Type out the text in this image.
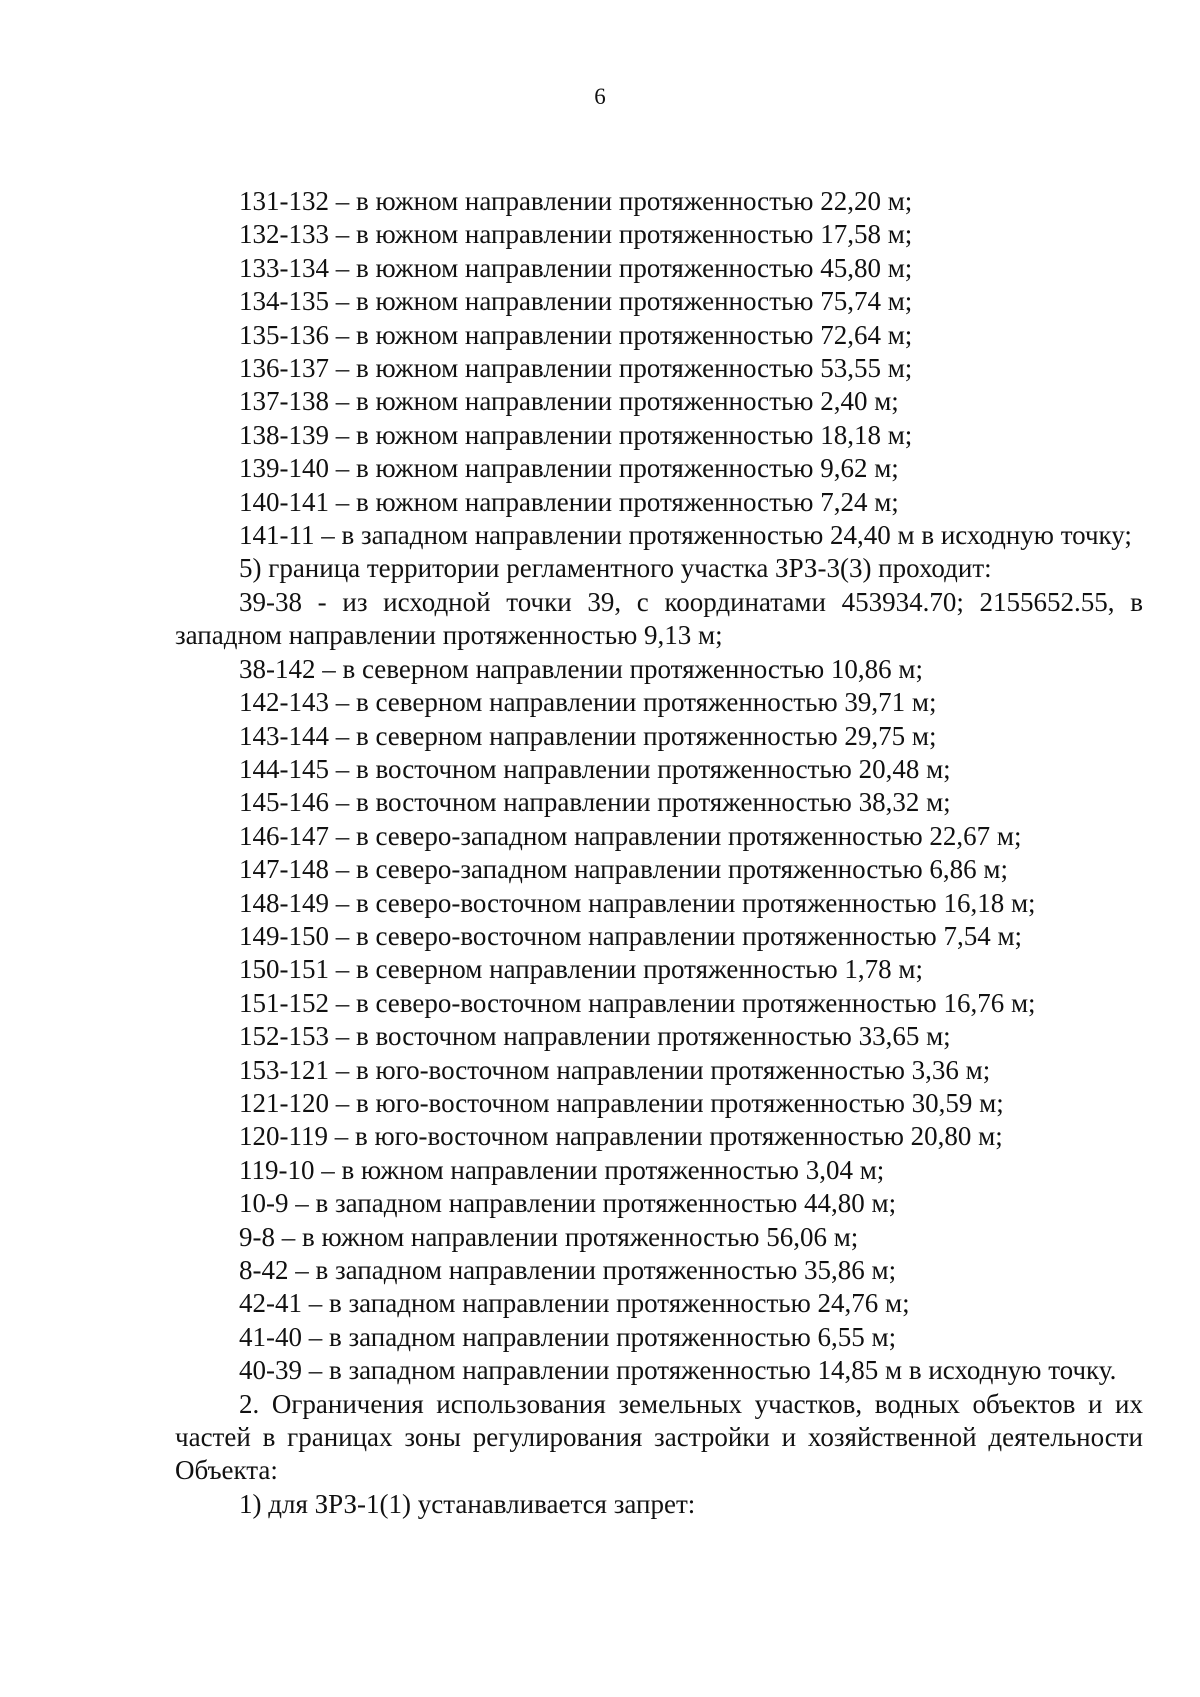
6
131-132 – в южном направлении протяженностью 22,20 м;
132-133 – в южном направлении протяженностью 17,58 м;
133-134 – в южном направлении протяженностью 45,80 м;
134-135 – в южном направлении протяженностью 75,74 м;
135-136 – в южном направлении протяженностью 72,64 м;
136-137 – в южном направлении протяженностью 53,55 м;
137-138 – в южном направлении протяженностью 2,40 м;
138-139 – в южном направлении протяженностью 18,18 м;
139-140 – в южном направлении протяженностью 9,62 м;
140-141 – в южном направлении протяженностью 7,24 м;
141-11 – в западном направлении протяженностью 24,40 м в исходную точку;
5) граница территории регламентного участка ЗРЗ-3(3) проходит:
39-38 - из исходной точки 39, с координатами 453934.70; 2155652.55, в западном направлении протяженностью 9,13 м;
38-142 – в северном направлении протяженностью 10,86 м;
142-143 – в северном направлении протяженностью 39,71 м;
143-144 – в северном направлении протяженностью 29,75 м;
144-145 – в восточном направлении протяженностью 20,48 м;
145-146 – в восточном направлении протяженностью 38,32 м;
146-147 – в северо-западном направлении протяженностью 22,67 м;
147-148 – в северо-западном направлении протяженностью 6,86 м;
148-149 – в северо-восточном направлении протяженностью 16,18 м;
149-150 – в северо-восточном направлении протяженностью 7,54 м;
150-151 – в северном направлении протяженностью 1,78 м;
151-152 – в северо-восточном направлении протяженностью 16,76 м;
152-153 – в восточном направлении протяженностью 33,65 м;
153-121 – в юго-восточном направлении протяженностью 3,36 м;
121-120 – в юго-восточном направлении протяженностью 30,59 м;
120-119 – в юго-восточном направлении протяженностью 20,80 м;
119-10 – в южном направлении протяженностью 3,04 м;
10-9 – в западном направлении протяженностью 44,80 м;
9-8 – в южном направлении протяженностью 56,06 м;
8-42 – в западном направлении протяженностью 35,86 м;
42-41 – в западном направлении протяженностью 24,76 м;
41-40 – в западном направлении протяженностью 6,55 м;
40-39 – в западном направлении протяженностью 14,85 м в исходную точку.
2. Ограничения использования земельных участков, водных объектов и их частей в границах зоны регулирования застройки и хозяйственной деятельности Объекта:
1) для ЗРЗ-1(1) устанавливается запрет:
